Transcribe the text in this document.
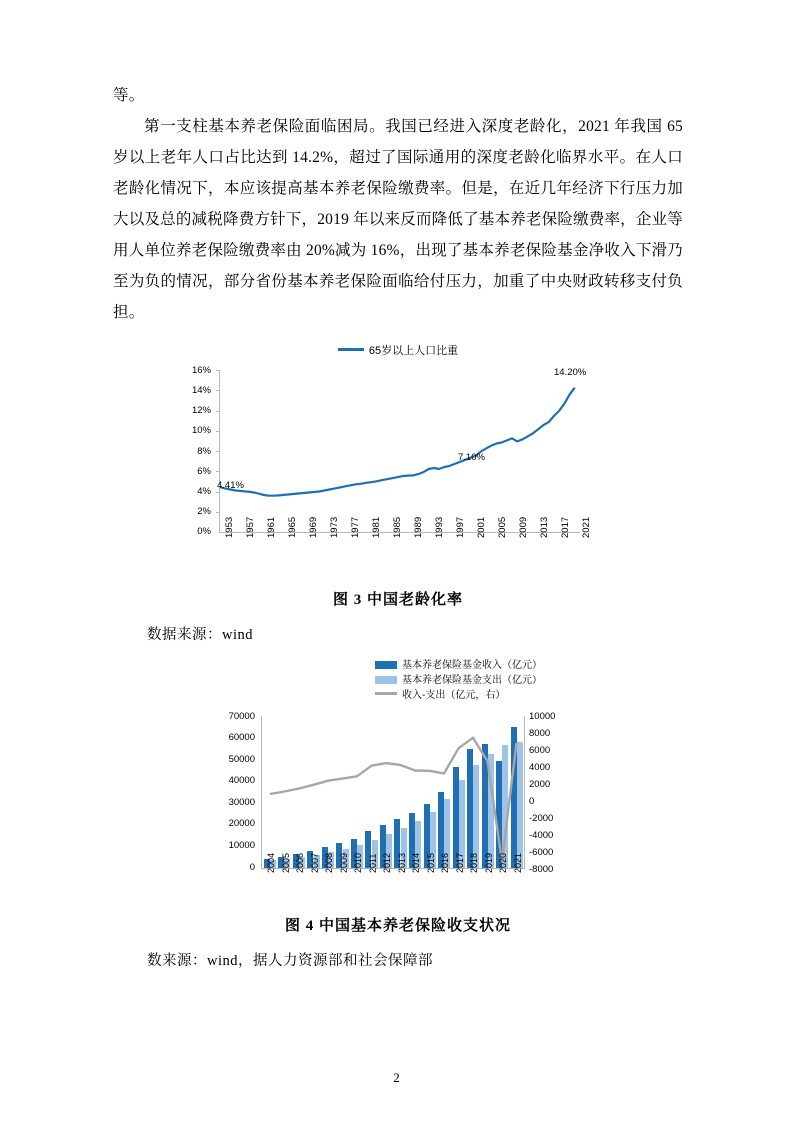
等。

第一支柱基本养老保险面临困局。我国已经进入深度老龄化，2021 年我国 65 岁以上老年人口占比达到 14.2%，超过了国际通用的深度老龄化临界水平。在人口老龄化情况下，本应该提高基本养老保险缴费率。但是，在近几年经济下行压力加大以及总的减税降费方针下，2019 年以来反而降低了基本养老保险缴费率，企业等用人单位养老保险缴费率由 20%减为 16%，出现了基本养老保险基金净收入下滑乃至为负的情况，部分省份基本养老保险面临给付压力，加重了中央财政转移支付负担。

65岁以上人口比重
16%
14%
12%
10%
8%
6%
4%
2%
0%
4.41%
7.10%
14.20%
1953 1957 1961 1965 1969 1973 1977 1981 1985 1989 1993 1997 2001 2005 2009 2013 2017 2021
图 3 中国老龄化率
数据来源：wind
基本养老保险基金收入（亿元）
基本养老保险基金支出（亿元）
收入-支出（亿元，右）
70000
60000
50000
40000
30000
20000
10000
0
10000
8000
6000
4000
2000
0
-2000
-4000
-6000
-8000
2004 2005 2006 2007 2008 2009 2010 2011 2012 2013 2014 2015 2016 2017 2018 2019 2020 2021
图 4 中国基本养老保险收支状况
数来源：wind，据人力资源部和社会保障部
2
